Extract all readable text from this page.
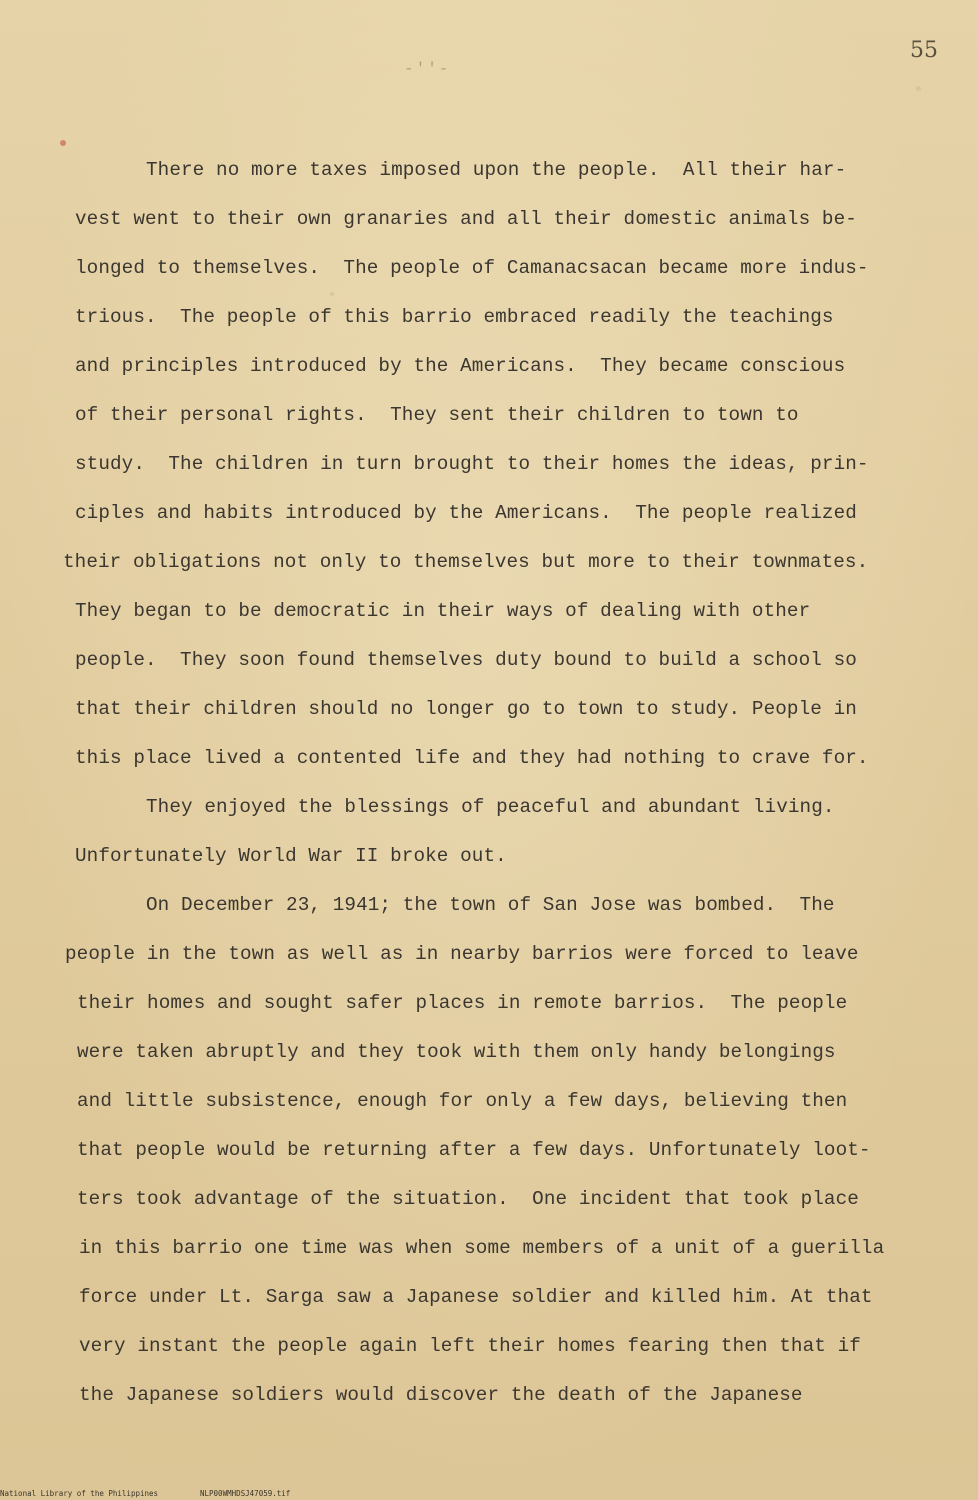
55
-′′-
There no more taxes imposed upon the people.  All their har-
vest went to their own granaries and all their domestic animals be-
longed to themselves.  The people of Camanacsacan became more indus-
trious.  The people of this barrio embraced readily the teachings
and principles introduced by the Americans.  They became conscious
of their personal rights.  They sent their children to town to
study.  The children in turn brought to their homes the ideas, prin-
ciples and habits introduced by the Americans.  The people realized
their obligations not only to themselves but more to their townmates.
They began to be democratic in their ways of dealing with other
people.  They soon found themselves duty bound to build a school so
that their children should no longer go to town to study. People in
this place lived a contented life and they had nothing to crave for.
They enjoyed the blessings of peaceful and abundant living.
Unfortunately World War II broke out.
On December 23, 1941; the town of San Jose was bombed.  The
people in the town as well as in nearby barrios were forced to leave
their homes and sought safer places in remote barrios.  The people
were taken abruptly and they took with them only handy belongings
and little subsistence, enough for only a few days, believing then
that people would be returning after a few days. Unfortunately loot-
ters took advantage of the situation.  One incident that took place
in this barrio one time was when some members of a unit of a guerilla
force under Lt. Sarga saw a Japanese soldier and killed him. At that
very instant the people again left their homes fearing then that if
the Japanese soldiers would discover the death of the Japanese
National Library of the Philippines	NLP00WMHDSJ47059.tif
